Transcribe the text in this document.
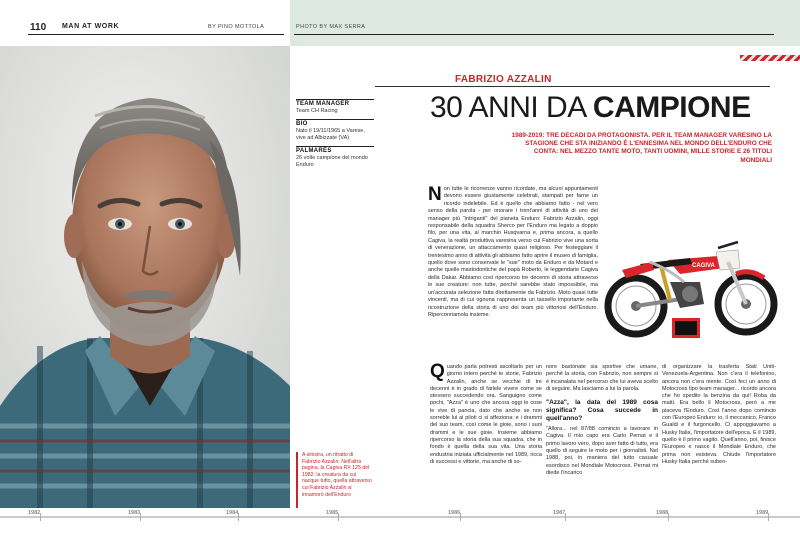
110 MAN AT WORK	BY PINO MOTTOLA	PHOTO BY MAX SERRA
TEAM MANAGER
Team CH Racing
BIO
Nato il 19/11/1965 a Varese, vive ad Albizzate (VA)
PALMARÈS
26 volte campione del mondo Enduro
FABRIZIO AZZALIN
30 ANNI DA CAMPIONE
1989-2019: TRE DECADI DA PROTAGONISTA. PER IL TEAM MANAGER VARESINO LA STAGIONE CHE STA INIZIANDO È L'ENNESIMA NEL MONDO DELL'ENDURO CHE CONTA: NEL MEZZO TANTE MOTO, TANTI UOMINI, MILLE STORIE E 26 TITOLI MONDIALI
Non tutte le ricorrenze vanno ricordate, ma alcuni appuntamenti devono essere giustamente celebrati, stampati per farne un ricordo indelebile. Ed è quello che abbiamo fatto - nel vero senso della parola - per onorare i trent'anni di attività di uno dei manager più "intriganti" del pianeta Enduro: Fabrizio Azzalin, oggi responsabile della squadra Sherco per l'Enduro ma legato a doppio filo, per una vita, al marchio Husqvarna e, prima ancora, a quello Cagiva, la realtà produttiva varesina verso cui Fabrizio vive una sorta di venerazione, un attaccamento quasi religioso. Per festeggiare il trentesimo anno di attività gli abbiamo fatto aprire il museo di famiglia, quello dove sono conservate le "sue" moto da Enduro e da Motard e anche quelle mastodontiche del papà Roberto, le leggendarie Cagiva della Dakar. Abbiamo così ripercorso tre decenni di storia attraverso le sue creature: non tutte, perché sarebbe stato impossibile, ma un'accurata selezione fatta direttamente da Fabrizio. Moto quasi tutte vincenti, ma di cui ognuna rappresenta un tassello importante nella ricostruzione della storia di uno dei team più vittoriosi dell'Enduro. Riperconriamola insieme.
CAGIVA
Quando parla potresti ascoltarlo per un giorno intero perché le storie, Fabrizio Azzalin, anche se vecchie di tre decenni è in grado di farlele vivere come se stessero succedendo ora. Sanguigno come pochi, "Azza" è uno che ancora oggi le cose le vive di pancia, dato che anche se non sorreble lui ai piloti ci si affeziona: e i drammi del suo team, così come le gioie, sono i suoi drammi e le sue gioie. Insieme abbiamo ripercorso la storia della sua squadra, che in fondo è quella della sua vita. Una storia endustria iniziata ufficialmente nel 1989, ricca di successi e vittorie, ma anche di so-
nore bastonate sia sportive che umane, perché la storia, con Fabrizio, non sempre si è incanalata nel percorso che lui aveva scelto di seguire. Ma lasciamo a lui la parola.
"Azza", la data del 1989 cosa significa? Cosa succede in quell'anno?
"Allora... nel 87/88 comincio a lavorare in Cagiva. Il mio capo era Carlo Pernat e il primo lavoro vero, dopo aver fatto di tutto, era quello di seguire le moto per i giornalisti. Nel 1988, poi, in maniera del tutto casuale esordisco nel Mondiale Motocross. Pernat mi diede l'incarico
di organizzare la trasferta Stati Uniti-Venezuela-Argentina. Non c'era il telefonino, ancora non c'era niente. Così feci un anno di Motocross tipo team manager... ricordo ancora che ho spedito la benzina da qui! Roba da matti. Era bello il Motocross, però a me piaceva l'Enduro. Così l'anno dopo comincio con l'Europeo Enduro: io, il meccanico, Franco Gualdi e il furgoncello. Ci appoggiavamo a Husky Italia, l'importatore dell'epoca. E il 1989, quello è il primo vagito. Quell'anno, poi, finisce l'Europeo e nasce il Mondiale Enduro, che prima non esisteva. Chiude l'importatore Husky Italia perché suben-
A sinistra, un ritratto di Fabrizio Azzalin. Nell'altra pagina, la Cagiva RX 125 del 1982: la creatura da cui nacque tutto, quella attraverso cui Fabrizio Azzalin si innamorò dell'Enduro
1982	1983	1984	1985	1986	1987	1988	1989
